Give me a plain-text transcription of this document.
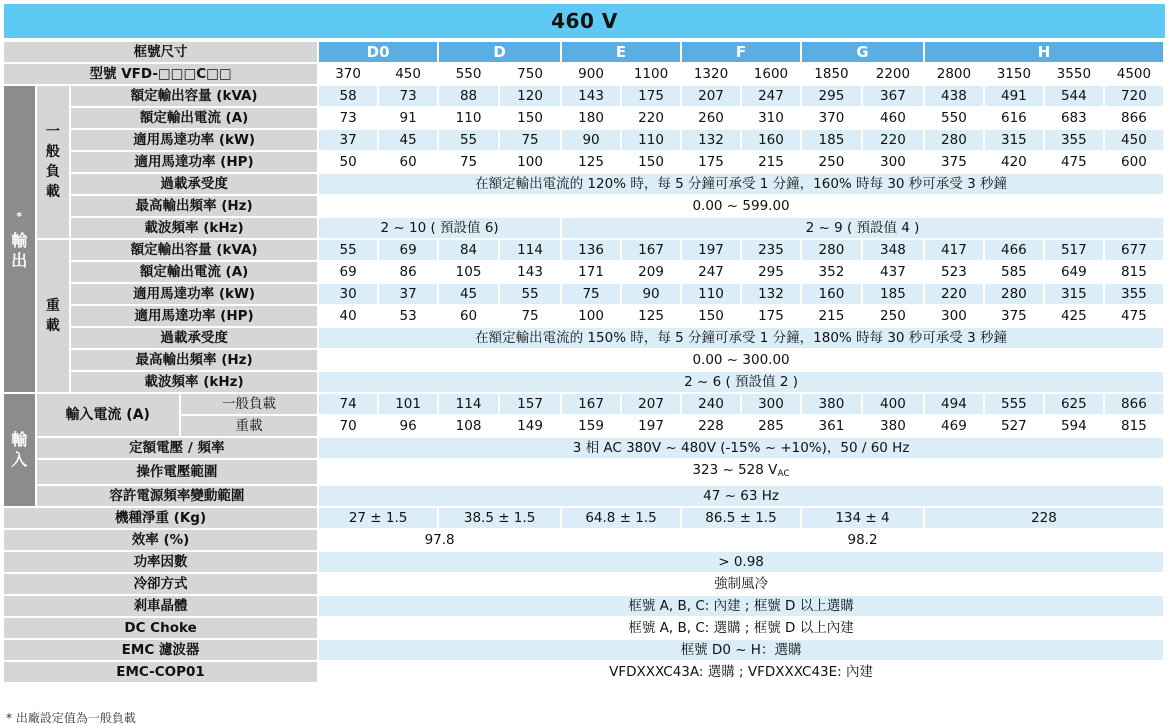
460 V
框號尺寸				D0		D		E		F		G		H			
型號 VFD-□□□C□□				370	450	550	750	900	1100	1320	1600	1850	2200	2800	3150	3550	4500
*
輸
出	一
般
負
載	額定輸出容量 (kVA)		58	73	88	120	143	175	207	247	295	367	438	491	544	720
		額定輸出電流 (A)		73	91	110	150	180	220	260	310	370	460	550	616	683	866
		適用馬達功率 (kW)		37	45	55	75	90	110	132	160	185	220	280	315	355	450
		適用馬達功率 (HP)		50	60	75	100	125	150	175	215	250	300	375	420	475	600
		過載承受度		在額定輸出電流的 120% 時，每 5 分鐘可承受 1 分鐘，160% 時每 30 秒可承受 3 秒鐘													
		最高輸出頻率 (Hz)		0.00 ~ 599.00													
		載波頻率 (kHz)		2 ~ 10 ( 預設值 6)				2 ~ 9 ( 預設值 4 )									
	重
載	額定輸出容量 (kVA)		55	69	84	114	136	167	197	235	280	348	417	466	517	677
		額定輸出電流 (A)		69	86	105	143	171	209	247	295	352	437	523	585	649	815
		適用馬達功率 (kW)		30	37	45	55	75	90	110	132	160	185	220	280	315	355
		適用馬達功率 (HP)		40	53	60	75	100	125	150	175	215	250	300	375	425	475
		過載承受度		在額定輸出電流的 150% 時，每 5 分鐘可承受 1 分鐘，180% 時每 30 秒可承受 3 秒鐘													
		最高輸出頻率 (Hz)		0.00 ~ 300.00													
		載波頻率 (kHz)		2 ~ 6 ( 預設值 2 )													
輸
入	輸入電流 (A)		一般負載	74	101	114	157	167	207	240	300	380	400	494	555	625	866
			重載	70	96	108	149	159	197	228	285	361	380	469	527	594	815
	定額電壓 / 頻率			3 相 AC 380V ~ 480V (-15% ~ +10%)，50 / 60 Hz													
	操作電壓範圍			323 ~ 528 $V_{AC}$
	容許電源頻率變動範圍			47 ~ 63 Hz													
機種淨重 (Kg)				27 ± 1.5		38.5 ± 1.5		64.8 ± 1.5		86.5 ± 1.5		134 ± 4		228			
效率 (%)				97.8				98.2									
功率因數				> 0.98													
冷卻方式				強制風冷													
剎車晶體				框號 A, B, C: 內建 ; 框號 D 以上選購													
DC Choke				框號 A, B, C: 選購 ; 框號 D 以上內建													
EMC 濾波器				框號 D0 ~ H：選購													
EMC-COP01				VFDXXXC43A: 選購 ; VFDXXXC43E: 內建													
* 出廠設定值為一般負載
